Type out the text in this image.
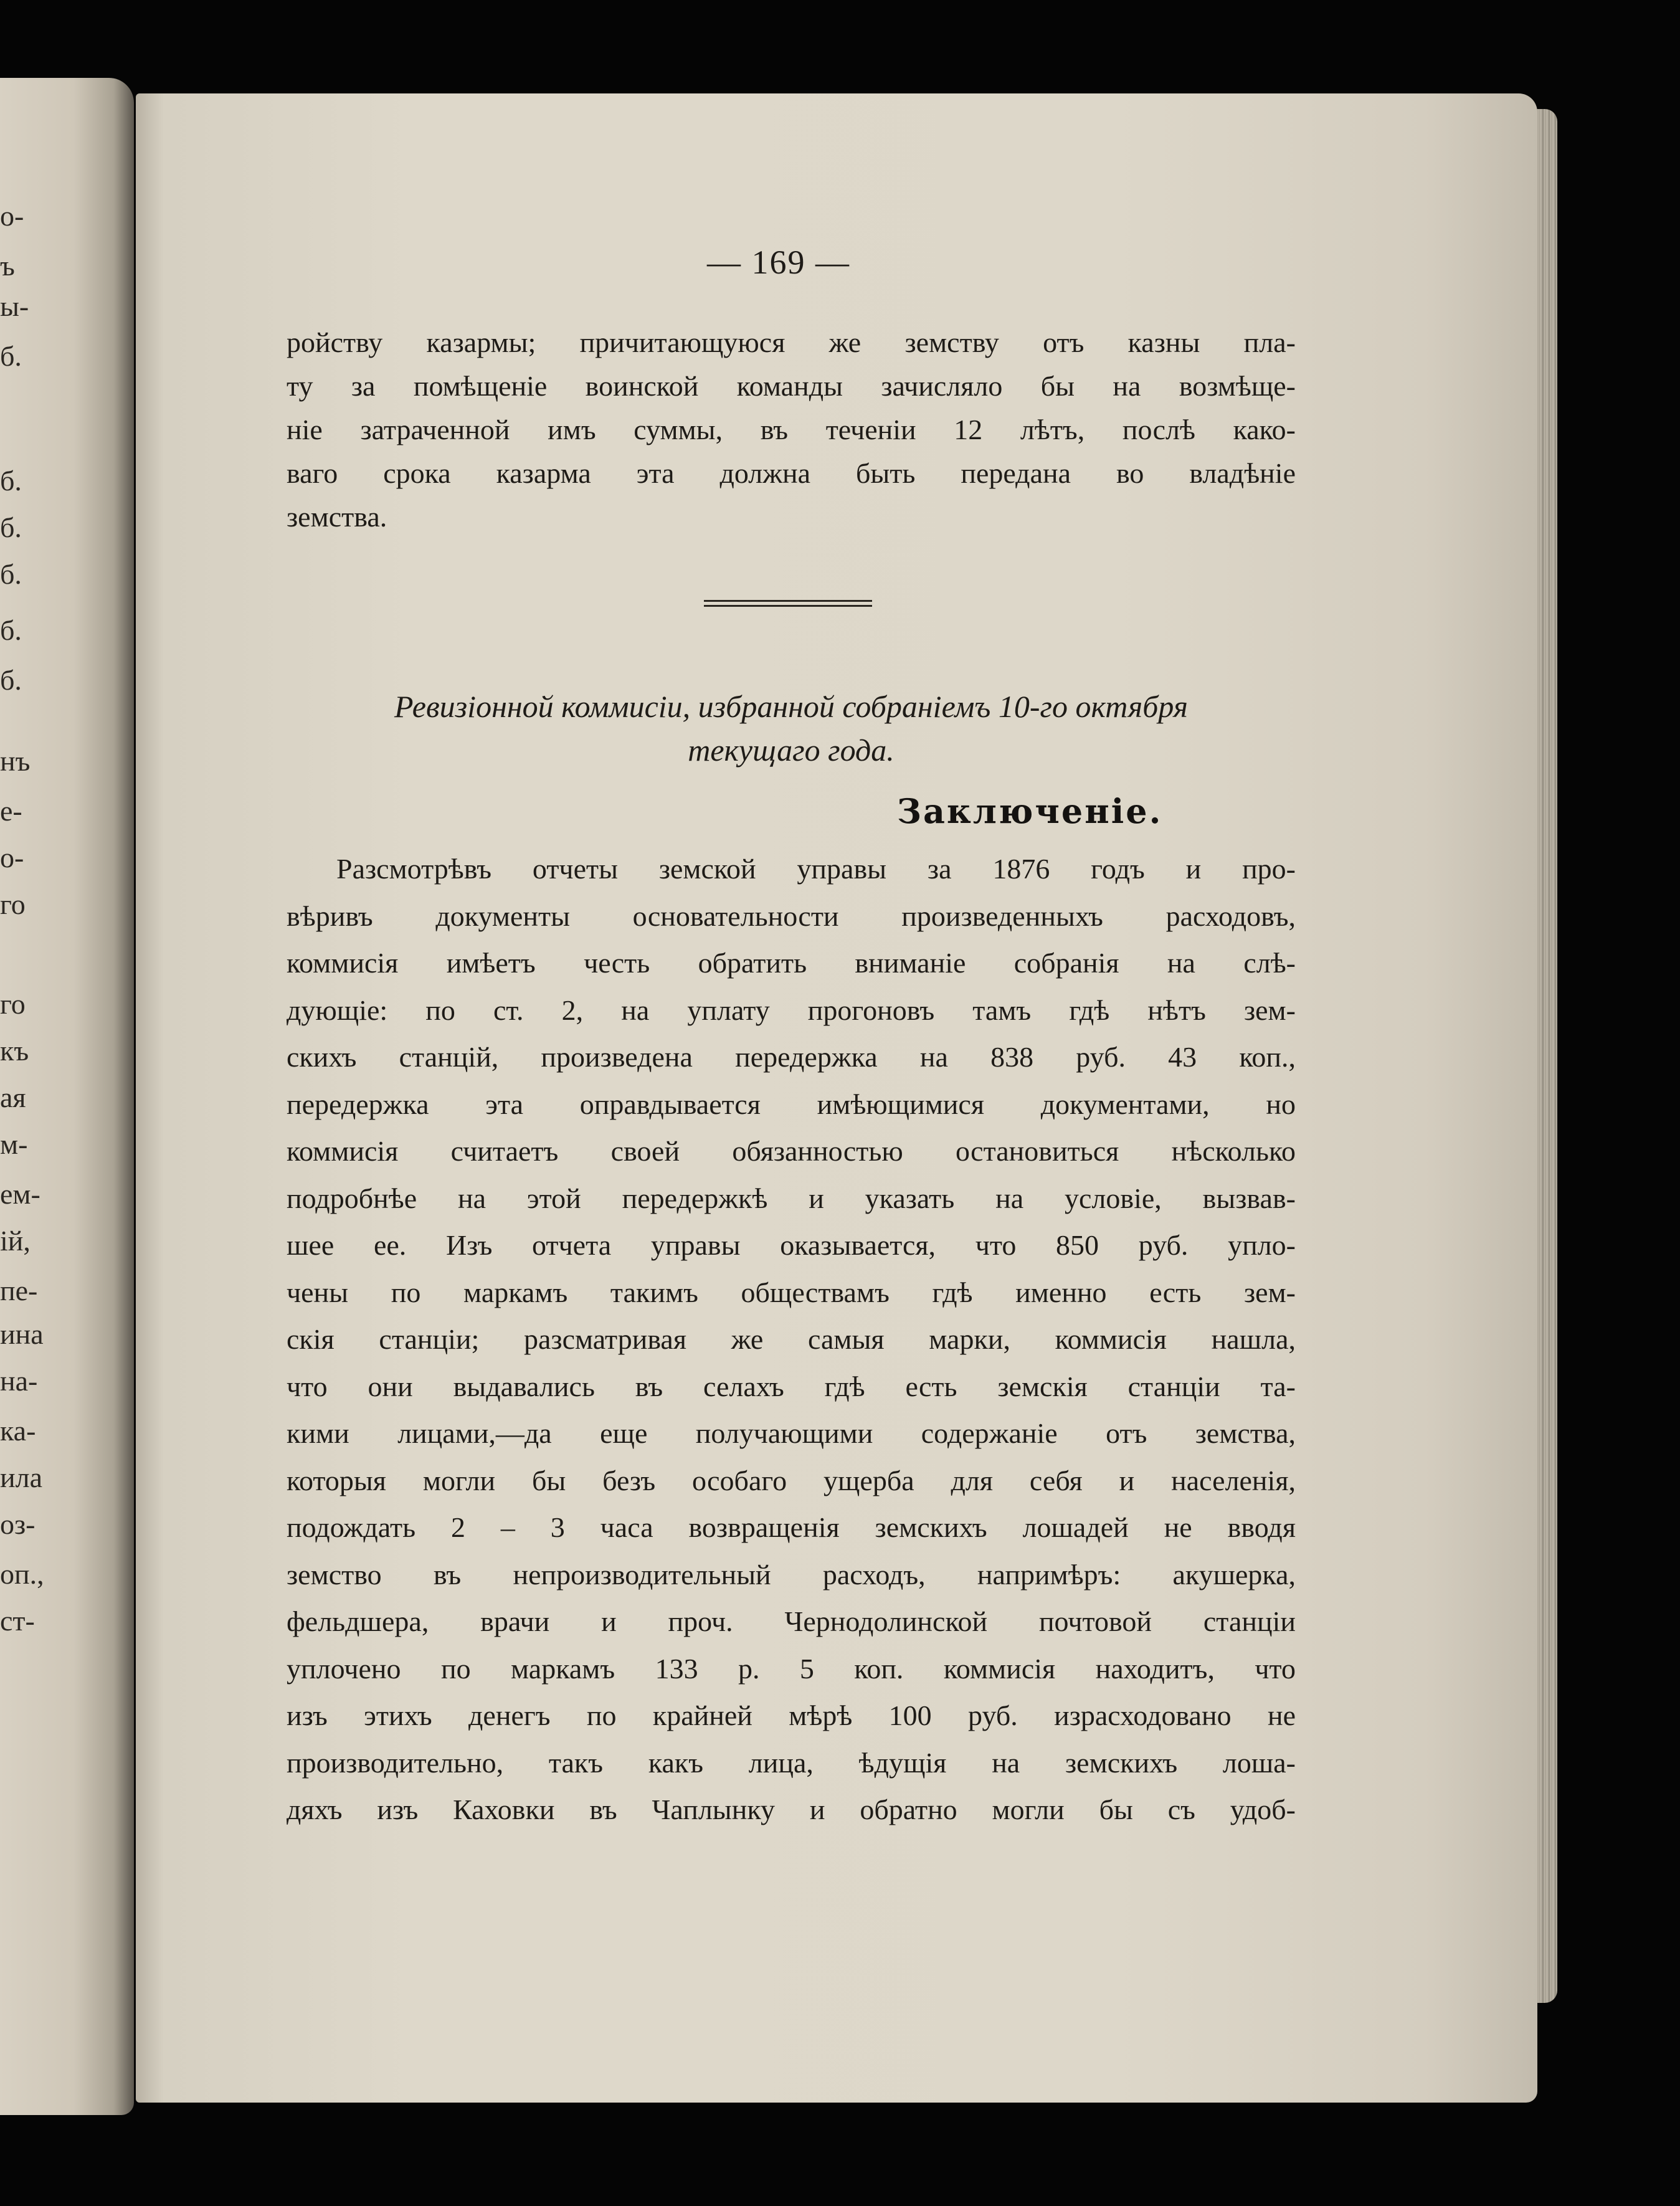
о-
ъ
ы-
б.
б.
б.
б.
б.
б.
нъ
е-
о-
го
го
къ
ая
м-
ем-
ій,
пе-
ина
на-
ка-
ила
оз-
оп.,
ст-
— 169 —
ройству казармы; причитающуюся же земству отъ казны пла-
ту за помѣщеніе воинской команды зачисляло бы на возмѣще-
ніе затраченной имъ суммы, въ теченіи 12 лѣтъ, послѣ како-
ваго срока казарма эта должна быть передана во владѣніе
земства.
Ревизіонной коммисіи, избранной собраніемъ 10-го октября
текущаго года.
Заключеніе.
Разсмотрѣвъ отчеты земской управы за 1876 годъ и про-
вѣривъ документы основательности произведенныхъ расходовъ,
коммисія имѣетъ честь обратить вниманіе собранія на слѣ-
дующіе: по ст. 2, на уплату прогоновъ тамъ гдѣ нѣтъ зем-
скихъ станцій, произведена передержка на 838 руб. 43 коп.,
передержка эта оправдывается имѣющимися документами, но
коммисія считаетъ своей обязанностью остановиться нѣсколько
подробнѣе на этой передержкѣ и указать на условіе, вызвав-
шее ее. Изъ отчета управы оказывается, что 850 руб. упло-
чены по маркамъ такимъ обществамъ гдѣ именно есть зем-
скія станціи; разсматривая же самыя марки, коммисія нашла,
что они выдавались въ селахъ гдѣ есть земскія станціи та-
кими лицами,—да еще получающими содержаніе отъ земства,
которыя могли бы безъ особаго ущерба для себя и населенія,
подождать 2 – 3 часа возвращенія земскихъ лошадей не вводя
земство въ непроизводительный расходъ, напримѣръ: акушерка,
фельдшера, врачи и проч. Чернодолинской почтовой станціи
уплочено по маркамъ 133 р. 5 коп. коммисія находитъ, что
изъ этихъ денегъ по крайней мѣрѣ 100 руб. израсходовано не
производительно, такъ какъ лица, ѣдущія на земскихъ лоша-
дяхъ изъ Каховки въ Чаплынку и обратно могли бы съ удоб-
